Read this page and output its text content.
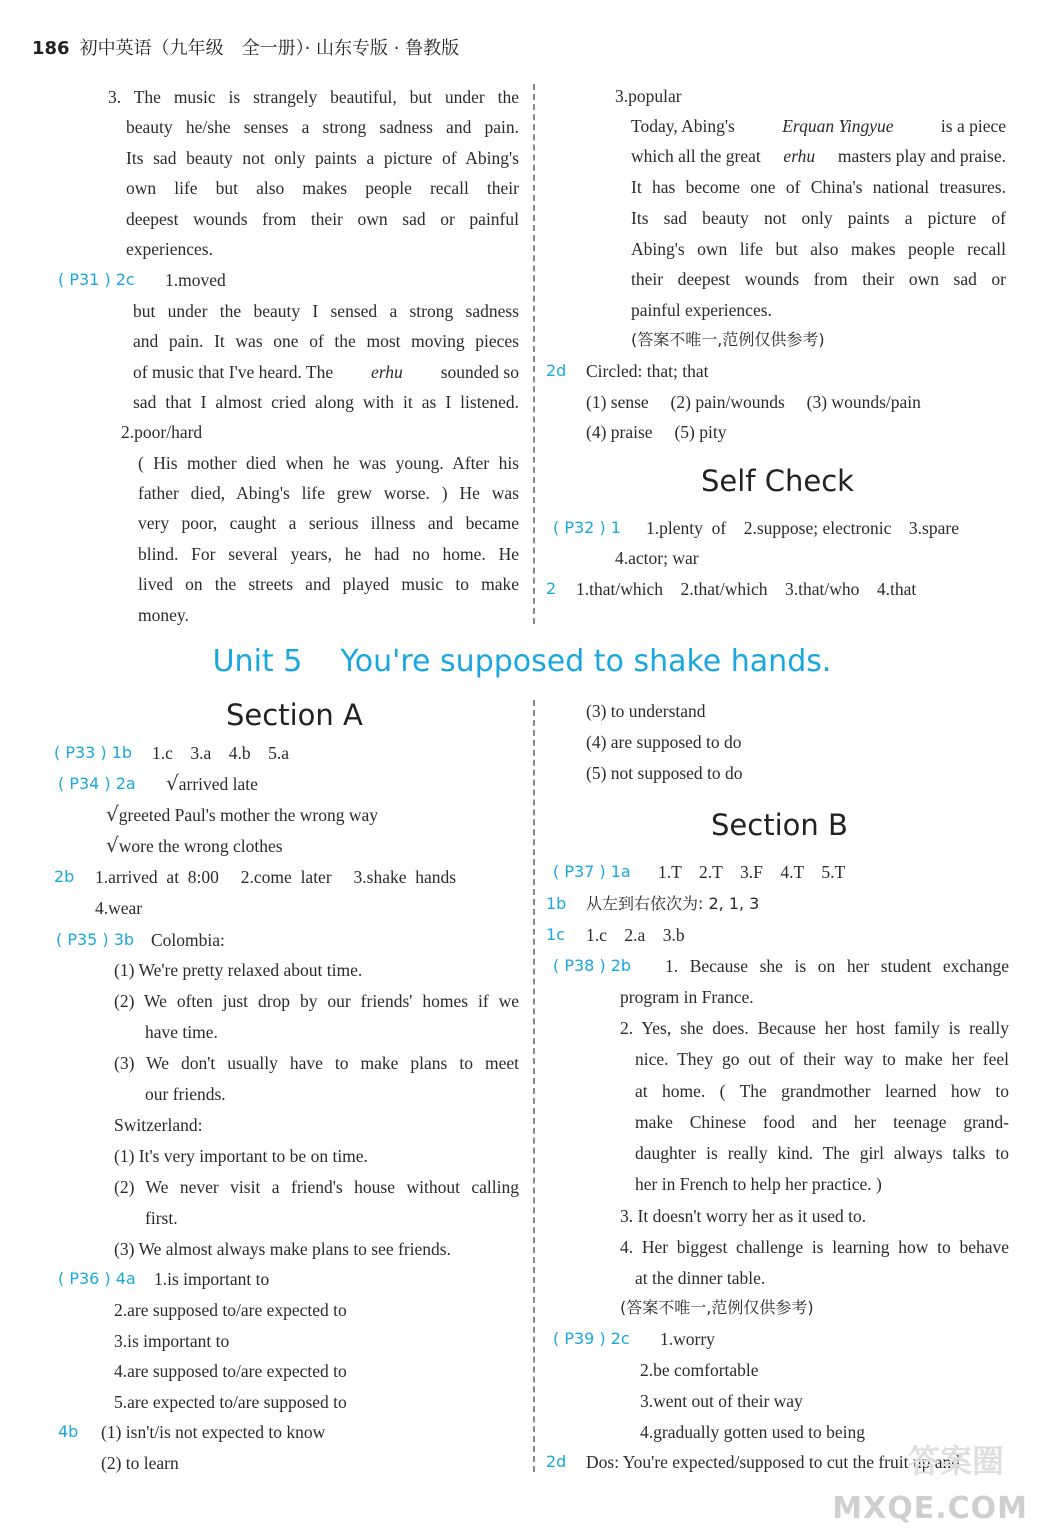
186 初中英语（九年级　全一册）· 山东专版 · 鲁教版
3. The music is strangely beautiful, but under the
beauty he/she senses a strong sadness and pain.
Its sad beauty not only paints a picture of Abing's
own life but also makes people recall their
deepest wounds from their own sad or painful
experiences.
( P31 ) 2c 1.moved
but under the beauty I sensed a strong sadness
and pain. It was one of the most moving pieces
of music that I've heard. The erhu sounded so
sad that I almost cried along with it as I listened.
2.poor/hard
( His mother died when he was young. After his
father died, Abing's life grew worse. ) He was
very poor, caught a serious illness and became
blind. For several years, he had no home. He
lived on the streets and played music to make
money.
3.popular
Today, Abing's	Erquan Yingyue	is a piece
which all the great erhu masters play and praise.
It has become one of China's national treasures.
Its sad beauty not only paints a picture of
Abing's own life but also makes people recall
their deepest wounds from their own sad or
painful experiences.
(答案不唯一,范例仅供参考)
2d Circled: that; that
(1) sense     (2) pain/wounds     (3) wounds/pain
(4) praise     (5) pity
Self Check
( P32 ) 1 1.plenty  of    2.suppose; electronic    3.spare
4.actor; war
2 1.that/which    2.that/which    3.that/who    4.that
Unit 5    You're supposed to shake hands.
Section A
( P33 ) 1b 1.c    3.a    4.b    5.a
( P34 ) 2a √arrived late
√greeted Paul's mother the wrong way
√wore the wrong clothes
2b 1.arrived  at  8:00     2.come  later     3.shake  hands
4.wear
( P35 ) 3b Colombia:
(1) We're pretty relaxed about time.
(2) We often just drop by our friends' homes if we
have time.
(3) We don't usually have to make plans to meet
our friends.
Switzerland:
(1) It's very important to be on time.
(2) We never visit a friend's house without calling
first.
(3) We almost always make plans to see friends.
( P36 ) 4a 1.is important to
2.are supposed to/are expected to
3.is important to
4.are supposed to/are expected to
5.are expected to/are supposed to
4b (1) isn't/is not expected to know
(2) to learn
(3) to understand
(4) are supposed to do
(5) not supposed to do
Section B
( P37 ) 1a 1.T    2.T    3.F    4.T    5.T
1b 从左到右依次为: 2, 1, 3
1c 1.c    2.a    3.b
( P38 ) 2b 1. Because she is on her student exchange
program in France.
2. Yes, she does. Because her host family is really
nice. They go out of their way to make her feel
at home. ( The grandmother learned how to
make Chinese food and her teenage grand-
daughter is really kind. The girl always talks to
her in French to help her practice. )
3. It doesn't worry her as it used to.
4. Her biggest challenge is learning how to behave
at the dinner table.
(答案不唯一,范例仅供参考)
( P39 ) 2c 1.worry
2.be comfortable
3.went out of their way
4.gradually gotten used to being
2d Dos: You're expected/supposed to cut the fruit up and
答案圈
MXQE.COM
